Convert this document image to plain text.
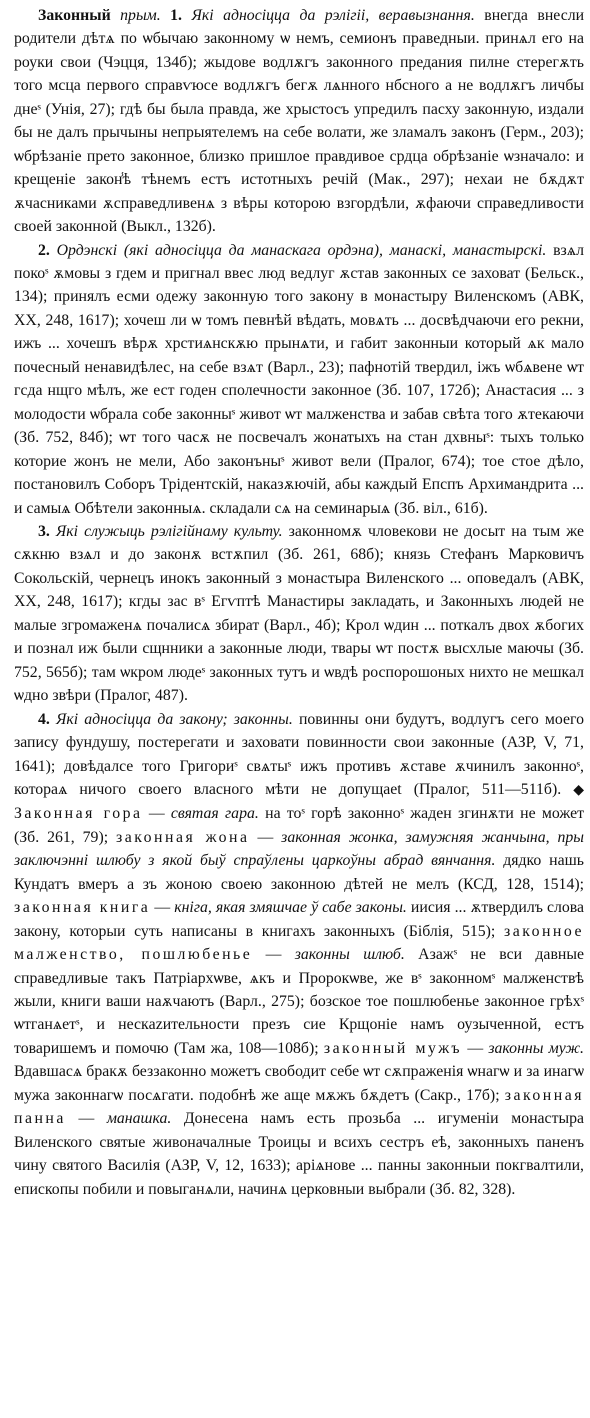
Законный прым. 1. Які адносіцца да рэлігіі, веравызнання. внегда внесли родители дѣтѧ по ѡбычаю законному ѡ немъ, семионъ праведныи. принѧл его на роуки свои (Чэцця, 134б); жыдове водлѫгъ законного предания пилне стерегѫть того мсца первого справѵюсе водлѫгъ бегѫ лѧнного нбсного а не водлѫгъ личбы днеˢ (Унія, 27); гдѣ бы была правда, же хрыстосъ упредилъ пасху законную, издали бы не далъ прычыны непрыятелемъ на себе волати, же зламалъ законъ (Герм., 203); ѡбрѣзаніе прето законное, близко пришлое правдивое срдца обрѣзаніе ѡзначало: и крещеніе закон̾ѣ тѣнемъ естъ истотныхъ речій (Мак., 297); нехаи не бѫдѫт ѫчасниками ѫсправедливенѧ з вѣры которою взгордѣли, ѫфаючи справедливости своей законной (Выкл., 132б).

2. Ордэнскі (які адносіцца да манаскага ордэна), манаскі, манастырскі. взѧл покоˢ ѫмовы з гдем и пригнал ввес люд ведлуг ѫстав законных се заховат (Бельск., 134); принялъ есми одежу законную того закону в монастыру Виленскомъ (АВК, XX, 248, 1617); хочеш ли ѡ томъ певнѣй вѣдать, мовѧть ... досвѣдчаючи его рекни, ижъ ... хочешъ вѣрѫ хрстиѧнскѫю прынѧти, и габит законныи который ѧк мало почесный ненавидѣлес, на себе взѧт (Варл., 23); пафнотій твердил, іжъ ѡбѧвене ѡт гсда нщго мѣлъ, же ест годен сполечности законное (Зб. 107, 172б); Анастасия ... з молодости ѡбрала собе законныˢ живот ѡт малженства и забав свѣта того ѫтекаючи (Зб. 752, 84б); ѡт того часѫ не посвечалъ жонатыхъ на стан дхвныˢ: тыхъ только которие жонъ не мели, Або законъныˢ живот вели (Пралог, 674); тое стое дѣло, постановилъ Соборъ Трідентскій, наказѫючій, абы каждый Епспъ Архимандрита ... и самыѧ Обѣтели законныѧ. складали сѧ на семинарыѧ (Зб. віл., 61б).

3. Які служыць рэлігійнаму культу. законномѫ чловекови не досыт на тым же сѫкню взѧл и до законѫ встѫпил (Зб. 261, 68б); князь Стефанъ Марковичъ Сокольскій, чернецъ инокъ законный з монастыра Виленского ... оповедалъ (АВК, XX, 248, 1617); кгды зас вˢ Егѵптѣ Манастиры закладать, и Законныхъ людей не малые згромаженѧ почалисѧ збират (Варл., 4б); Крол ѡдин ... поткалъ двох ѫбогих и познал иж были сщнники а законные люди, твары ѡт постѫ высхлые маючы (Зб. 752, 565б); там ѡкром людеˢ законных тутъ и ѡвдѣ роспорошоных нихто не мешкал ѡдно звѣри (Пралог, 487).

4. Які адносіцца да закону; законны. повинны они будутъ, водлугъ сего моего запису фундушу, постерегати и заховати повинности свои законные (АЗР, V, 71, 1641); довѣдалсе того Григориˢ свѧтыˢ ижъ противъ ѫставе ѫчинилъ законноˢ, котораѧ ничого своего власного мѣти не допущаеt (Пралог, 511—511б). ◆ Законная гора — святая гара. на тоˢ горѣ законноˢ жаден згинѫти не может (Зб. 261, 79); законная жона — законная жонка, замужняя жанчына, пры заключэнні шлюбу з якой быў спраўлены царкоўны абрад вянчання. дядко нашь Кундатъ вмеръ а зъ жоною своею законною дѣтей не мелъ (КСД, 128, 1514); законная книга — кніга, якая змяшчае ў сабе законы. иисия ... ѫтвердилъ слова закону, которыи суть написаны в книгахъ законныхъ (Біблія, 515); законное малженство, пошлюбенье — законны шлюб. Азажˢ не вси давные справедливые такъ Патріархѡве, ѧкъ и Пророкѡве, же вˢ законномˢ малженствѣ жыли, книги ваши наѫчаютъ (Варл., 275); бозское тое пошлюбенье законное грѣхˢ ѡтганѧетˢ, и нескazительности презъ сие Крщоніе намъ оузыченной, естъ товаришемъ и помочю (Там жа, 108—108б); законный мужъ — законны муж. Вдавшасѧ бракѫ беззаконно можетъ свободит себе ѡт сѫпраженія ѡнагѡ и за инагѡ мужа законнагѡ посѧгати. подобнѣ же аще мѫжъ бѫдетъ (Сакр., 17б); законная панна — манашка. Донесена намъ есть прозьба ... игуменіи монастыра Виленского святые живоначалные Троицы и всихъ сестръ еѣ, законныхъ паненъ чину святого Василія (АЗР, V, 12, 1633); аріѧнове ... панны законныи покгвалтили, епископы побили и повыганѧли, начинѧ церковныи выбрали (Зб. 82, 328).
